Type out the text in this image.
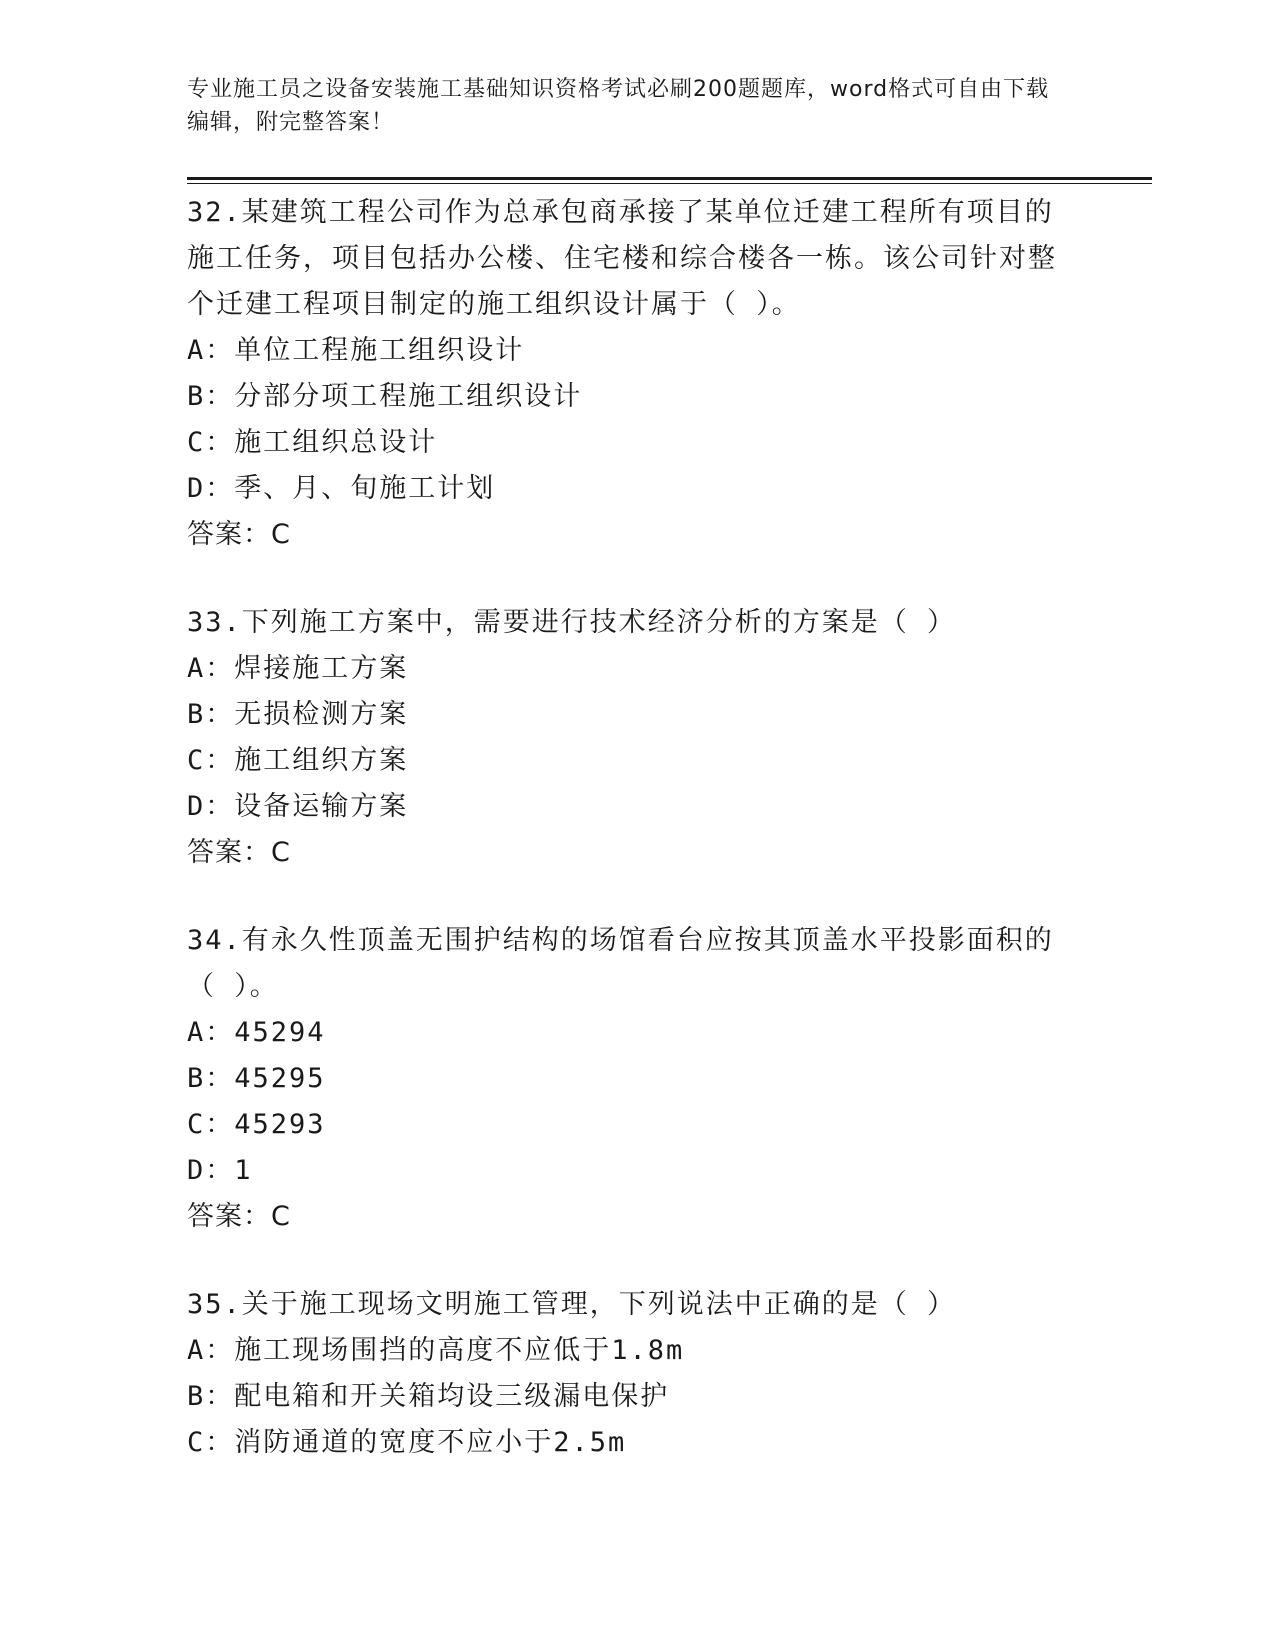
专业施工员之设备安装施工基础知识资格考试必刷200题题库，word格式可自由下载编辑，附完整答案！

32.某建筑工程公司作为总承包商承接了某单位迁建工程所有项目的施工任务，项目包括办公楼、住宅楼和综合楼各一栋。该公司针对整个迁建工程项目制定的施工组织设计属于（ ）。

A：单位工程施工组织设计

B：分部分项工程施工组织设计

C：施工组织总设计

D：季、月、旬施工计划

答案：C

33.下列施工方案中，需要进行技术经济分析的方案是（ ）

A：焊接施工方案

B：无损检测方案

C：施工组织方案

D：设备运输方案

答案：C

34.有永久性顶盖无围护结构的场馆看台应按其顶盖水平投影面积的（ ）。

A：45294

B：45295

C：45293

D：1

答案：C

35.关于施工现场文明施工管理，下列说法中正确的是（ ）

A：施工现场围挡的高度不应低于1.8m

B：配电箱和开关箱均设三级漏电保护

C：消防通道的宽度不应小于2.5m
